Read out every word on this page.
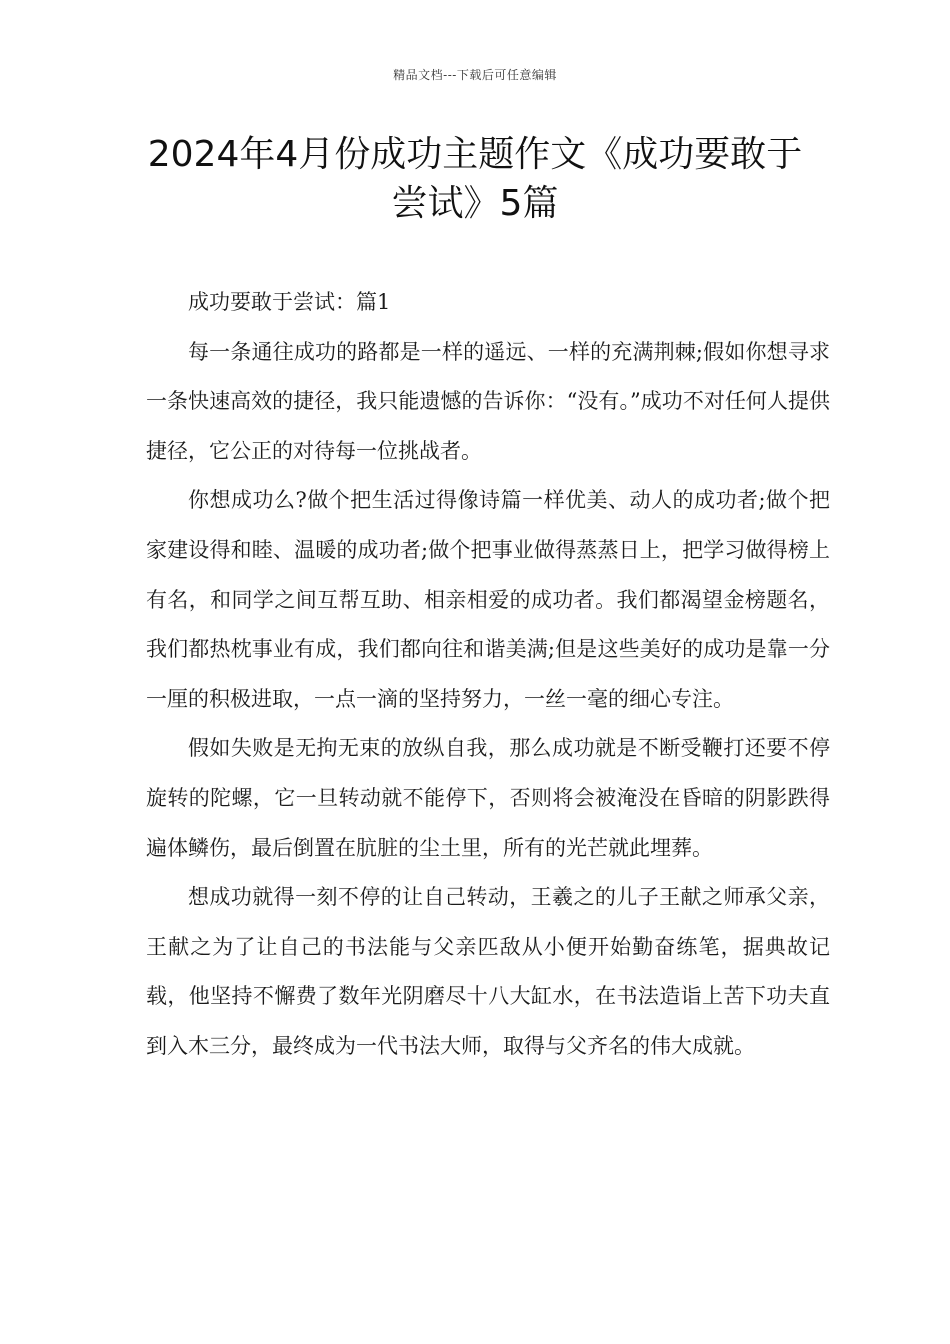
精品文档---下载后可任意编辑
2024年4月份成功主题作文《成功要敢于尝试》5篇

成功要敢于尝试：篇1

每一条通往成功的路都是一样的遥远、一样的充满荆棘;假如你想寻求一条快速高效的捷径，我只能遗憾的告诉你：“没有。”成功不对任何人提供捷径，它公正的对待每一位挑战者。

你想成功么?做个把生活过得像诗篇一样优美、动人的成功者;做个把家建设得和睦、温暖的成功者;做个把事业做得蒸蒸日上，把学习做得榜上有名，和同学之间互帮互助、相亲相爱的成功者。我们都渴望金榜题名，我们都热枕事业有成，我们都向往和谐美满;但是这些美好的成功是靠一分一厘的积极进取，一点一滴的坚持努力，一丝一毫的细心专注。

假如失败是无拘无束的放纵自我，那么成功就是不断受鞭打还要不停旋转的陀螺，它一旦转动就不能停下，否则将会被淹没在昏暗的阴影跌得遍体鳞伤，最后倒置在肮脏的尘土里，所有的光芒就此埋葬。

想成功就得一刻不停的让自己转动，王羲之的儿子王献之师承父亲，王献之为了让自己的书法能与父亲匹敌从小便开始勤奋练笔，据典故记载，他坚持不懈费了数年光阴磨尽十八大缸水，在书法造诣上苦下功夫直到入木三分，最终成为一代书法大师，取得与父齐名的伟大成就。
